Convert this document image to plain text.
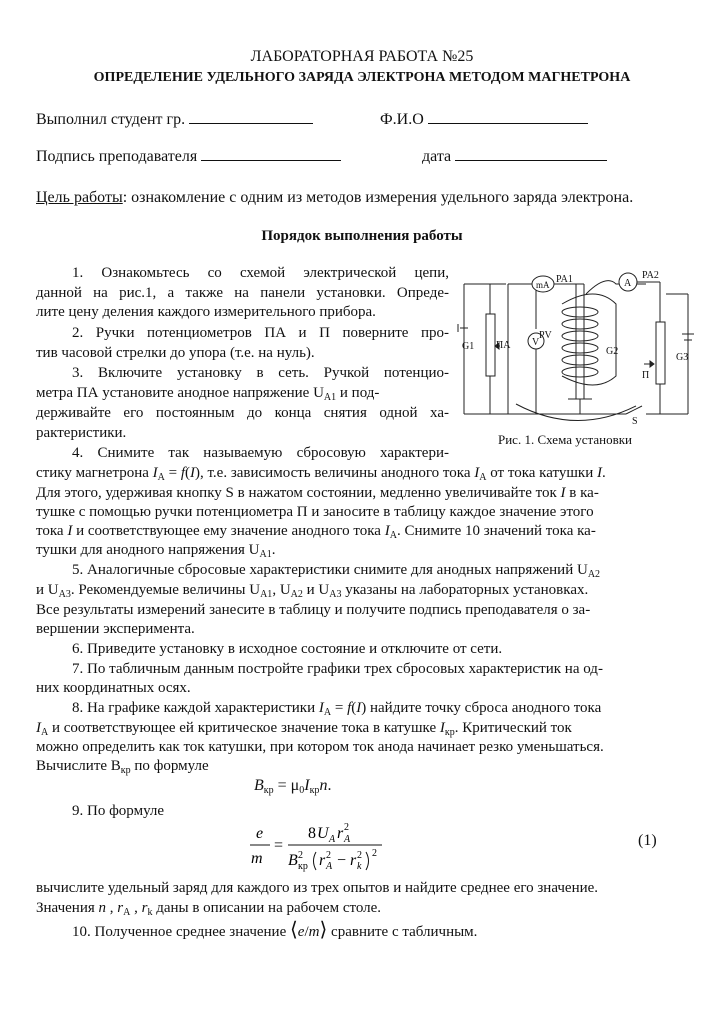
ЛАБОРАТОРНАЯ РАБОТА №25
ОПРЕДЕЛЕНИЕ УДЕЛЬНОГО ЗАРЯДА ЭЛЕКТРОНА МЕТОДОМ МАГНЕТРОНА
Выполнил студент гр.	Ф.И.О
Подпись преподавателя	дата
Цель работы: ознакомление с одним из методов измерения удельного заряда электрона.
Порядок выполнения работы
1. Ознакомьтесь со схемой электрической цепи,
данной на рис.1, а также на панели установки. Опреде-
лите цену деления каждого измерительного прибора.
2. Ручки потенциометров ПА и П поверните про-
тив часовой стрелки до упора (т.е. на нуль).
3. Включите установку в сеть. Ручкой потенцио-
метра ПА установите анодное напряжение $U_{A1}$ и под-
держивайте его постоянным до конца снятия одной ха-
рактеристики.
4. Снимите так называемую сбросовую характери-
стику магнетрона $I_A = f(I)$, т.е. зависимость величины анодного тока $I_A$ от тока катушки I.
Для этого, удерживая кнопку S в нажатом состоянии, медленно увеличивайте ток I в ка-
тушке с помощью ручки потенциометра П и заносите в таблицу каждое значение этого
тока I и соответствующее ему значение анодного тока $I_A$. Снимите 10 значений тока ка-
тушки для анодного напряжения $U_{A1}$.
5. Аналогичные сбросовые характеристики снимите для анодных напряжений $U_{A2}$
и $U_{A3}$. Рекомендуемые величины $U_{A1}$, $U_{A2}$ и $U_{A3}$ указаны на лабораторных установках.
Все результаты измерений занесите в таблицу и получите подпись преподавателя о за-
вершении эксперимента.
6. Приведите установку в исходное состояние и отключите от сети.
7. По табличным данным постройте графики трех сбросовых характеристик на од-
них координатных осях.
8. На графике каждой характеристики $I_A = f(I)$ найдите точку сброса анодного тока
$I_A$ и соответствующее ей критическое значение тока в катушке $I_{кр}$. Критический ток
можно определить как ток катушки, при котором ток анода начинает резко уменьшаться.
Вычислите $В_{кр}$ по формуле
$B_{кр} = \mu_0I_{кр}n$.
9. По формуле
e
m
=
8 U A r 2
A
B 2
кр r 2
A − r 2
k
2
(1)
вычислите удельный заряд для каждого из трех опытов и найдите среднее его значение.
Значения n , $r_A$ , $r_k$ даны в описании на рабочем столе.
10. Полученное среднее значение ⟨e/m⟩ сравните с табличным.
G1 ПА V
PV
mA PA1
G2
A
PA2
П
G3
S
Рис. 1. Схема установки
